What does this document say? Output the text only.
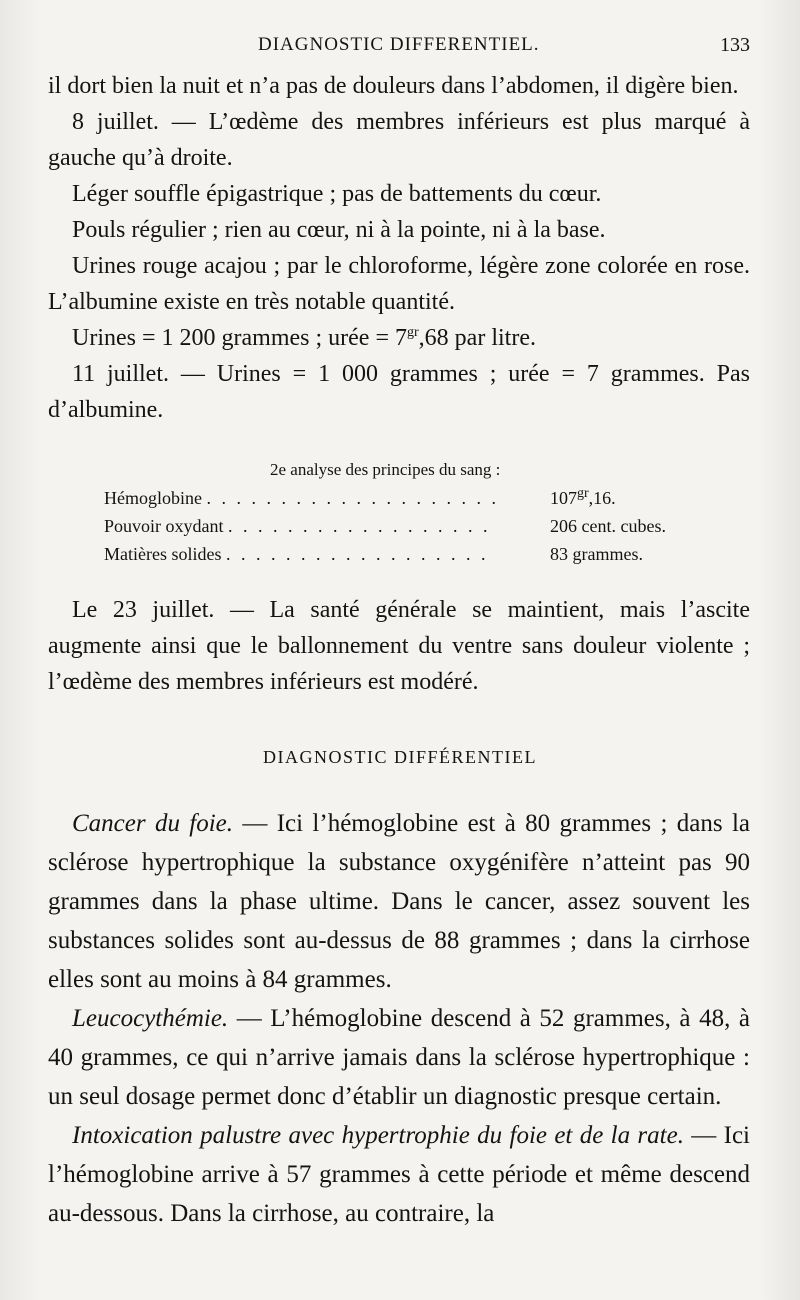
DIAGNOSTIC DIFFERENTIEL.	133

il dort bien la nuit et n’a pas de douleurs dans l’abdomen, il digère bien.

8 juillet. — L’œdème des membres inférieurs est plus marqué à gauche qu’à droite.

Léger souffle épigastrique ; pas de battements du cœur.

Pouls régulier ; rien au cœur, ni à la pointe, ni à la base.

Urines rouge acajou ; par le chloroforme, légère zone colorée en rose. L’albumine existe en très notable quantité.

Urines = 1 200 grammes ; urée = $7^{gr},68$ par litre.

11 juillet. — Urines = 1 000 grammes ; urée = 7 grammes. Pas d’albumine.

2e analyse des principes du sang :
Hémoglobine . . . . . . . . . . . . . . . . . . . .	$107^{gr},16$.
Pouvoir oxydant . . . . . . . . . . . . . . . . . .	206 cent. cubes.
Matières solides . . . . . . . . . . . . . . . . . .	83 grammes.

Le 23 juillet. — La santé générale se maintient, mais l’ascite augmente ainsi que le ballonnement du ventre sans douleur violente ; l’œdème des membres inférieurs est modéré.

DIAGNOSTIC DIFFÉRENTIEL

Cancer du foie. — Ici l’hémoglobine est à 80 grammes ; dans la sclérose hypertrophique la substance oxygénifère n’atteint pas 90 grammes dans la phase ultime. Dans le cancer, assez souvent les substances solides sont au-dessus de 88 grammes ; dans la cirrhose elles sont au moins à 84 grammes.

Leucocythémie. — L’hémoglobine descend à 52 grammes, à 48, à 40 grammes, ce qui n’arrive jamais dans la sclérose hypertrophique : un seul dosage permet donc d’établir un diagnostic presque certain.

Intoxication palustre avec hypertrophie du foie et de la rate. — Ici l’hémoglobine arrive à 57 grammes à cette période et même descend au-dessous. Dans la cirrhose, au contraire, la
